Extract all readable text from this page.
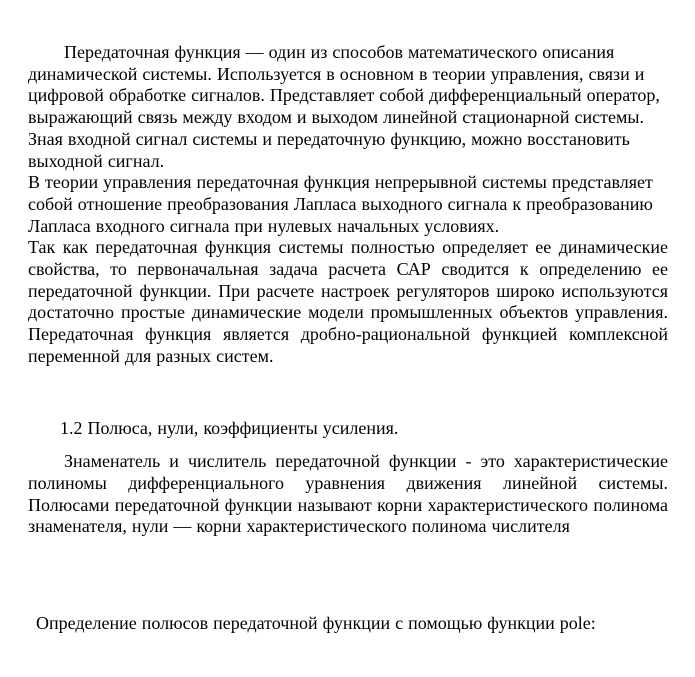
Передаточная функция — один из способов математического описания динамической системы. Используется в основном в теории управления, связи и цифровой обработке сигналов. Представляет собой дифференциальный оператор, выражающий связь между входом и выходом линейной стационарной системы. Зная входной сигнал системы и передаточную функцию, можно восстановить выходной сигнал.

В теории управления передаточная функция непрерывной системы представляет собой отношение преобразования Лапласа выходного сигнала к преобразованию Лапласа входного сигнала при нулевых начальных условиях.

Так как передаточная функция системы полностью определяет ее динамические свойства, то первоначальная задача расчета САР сводится к определению ее передаточной функции. При расчете настроек регуляторов широко используются достаточно простые динамические модели промышленных объектов управления. Передаточная функция является дробно-рациональной функцией комплексной переменной для разных систем.

1.2 Полюса, нули, коэффициенты усиления.

Знаменатель и числитель передаточной функции - это характеристические полиномы дифференциального уравнения движения линейной системы. Полюсами передаточной функции называют корни характеристического полинома знаменателя, нули — корни характеристического полинома числителя

Определение полюсов передаточной функции с помощью функции pole:
